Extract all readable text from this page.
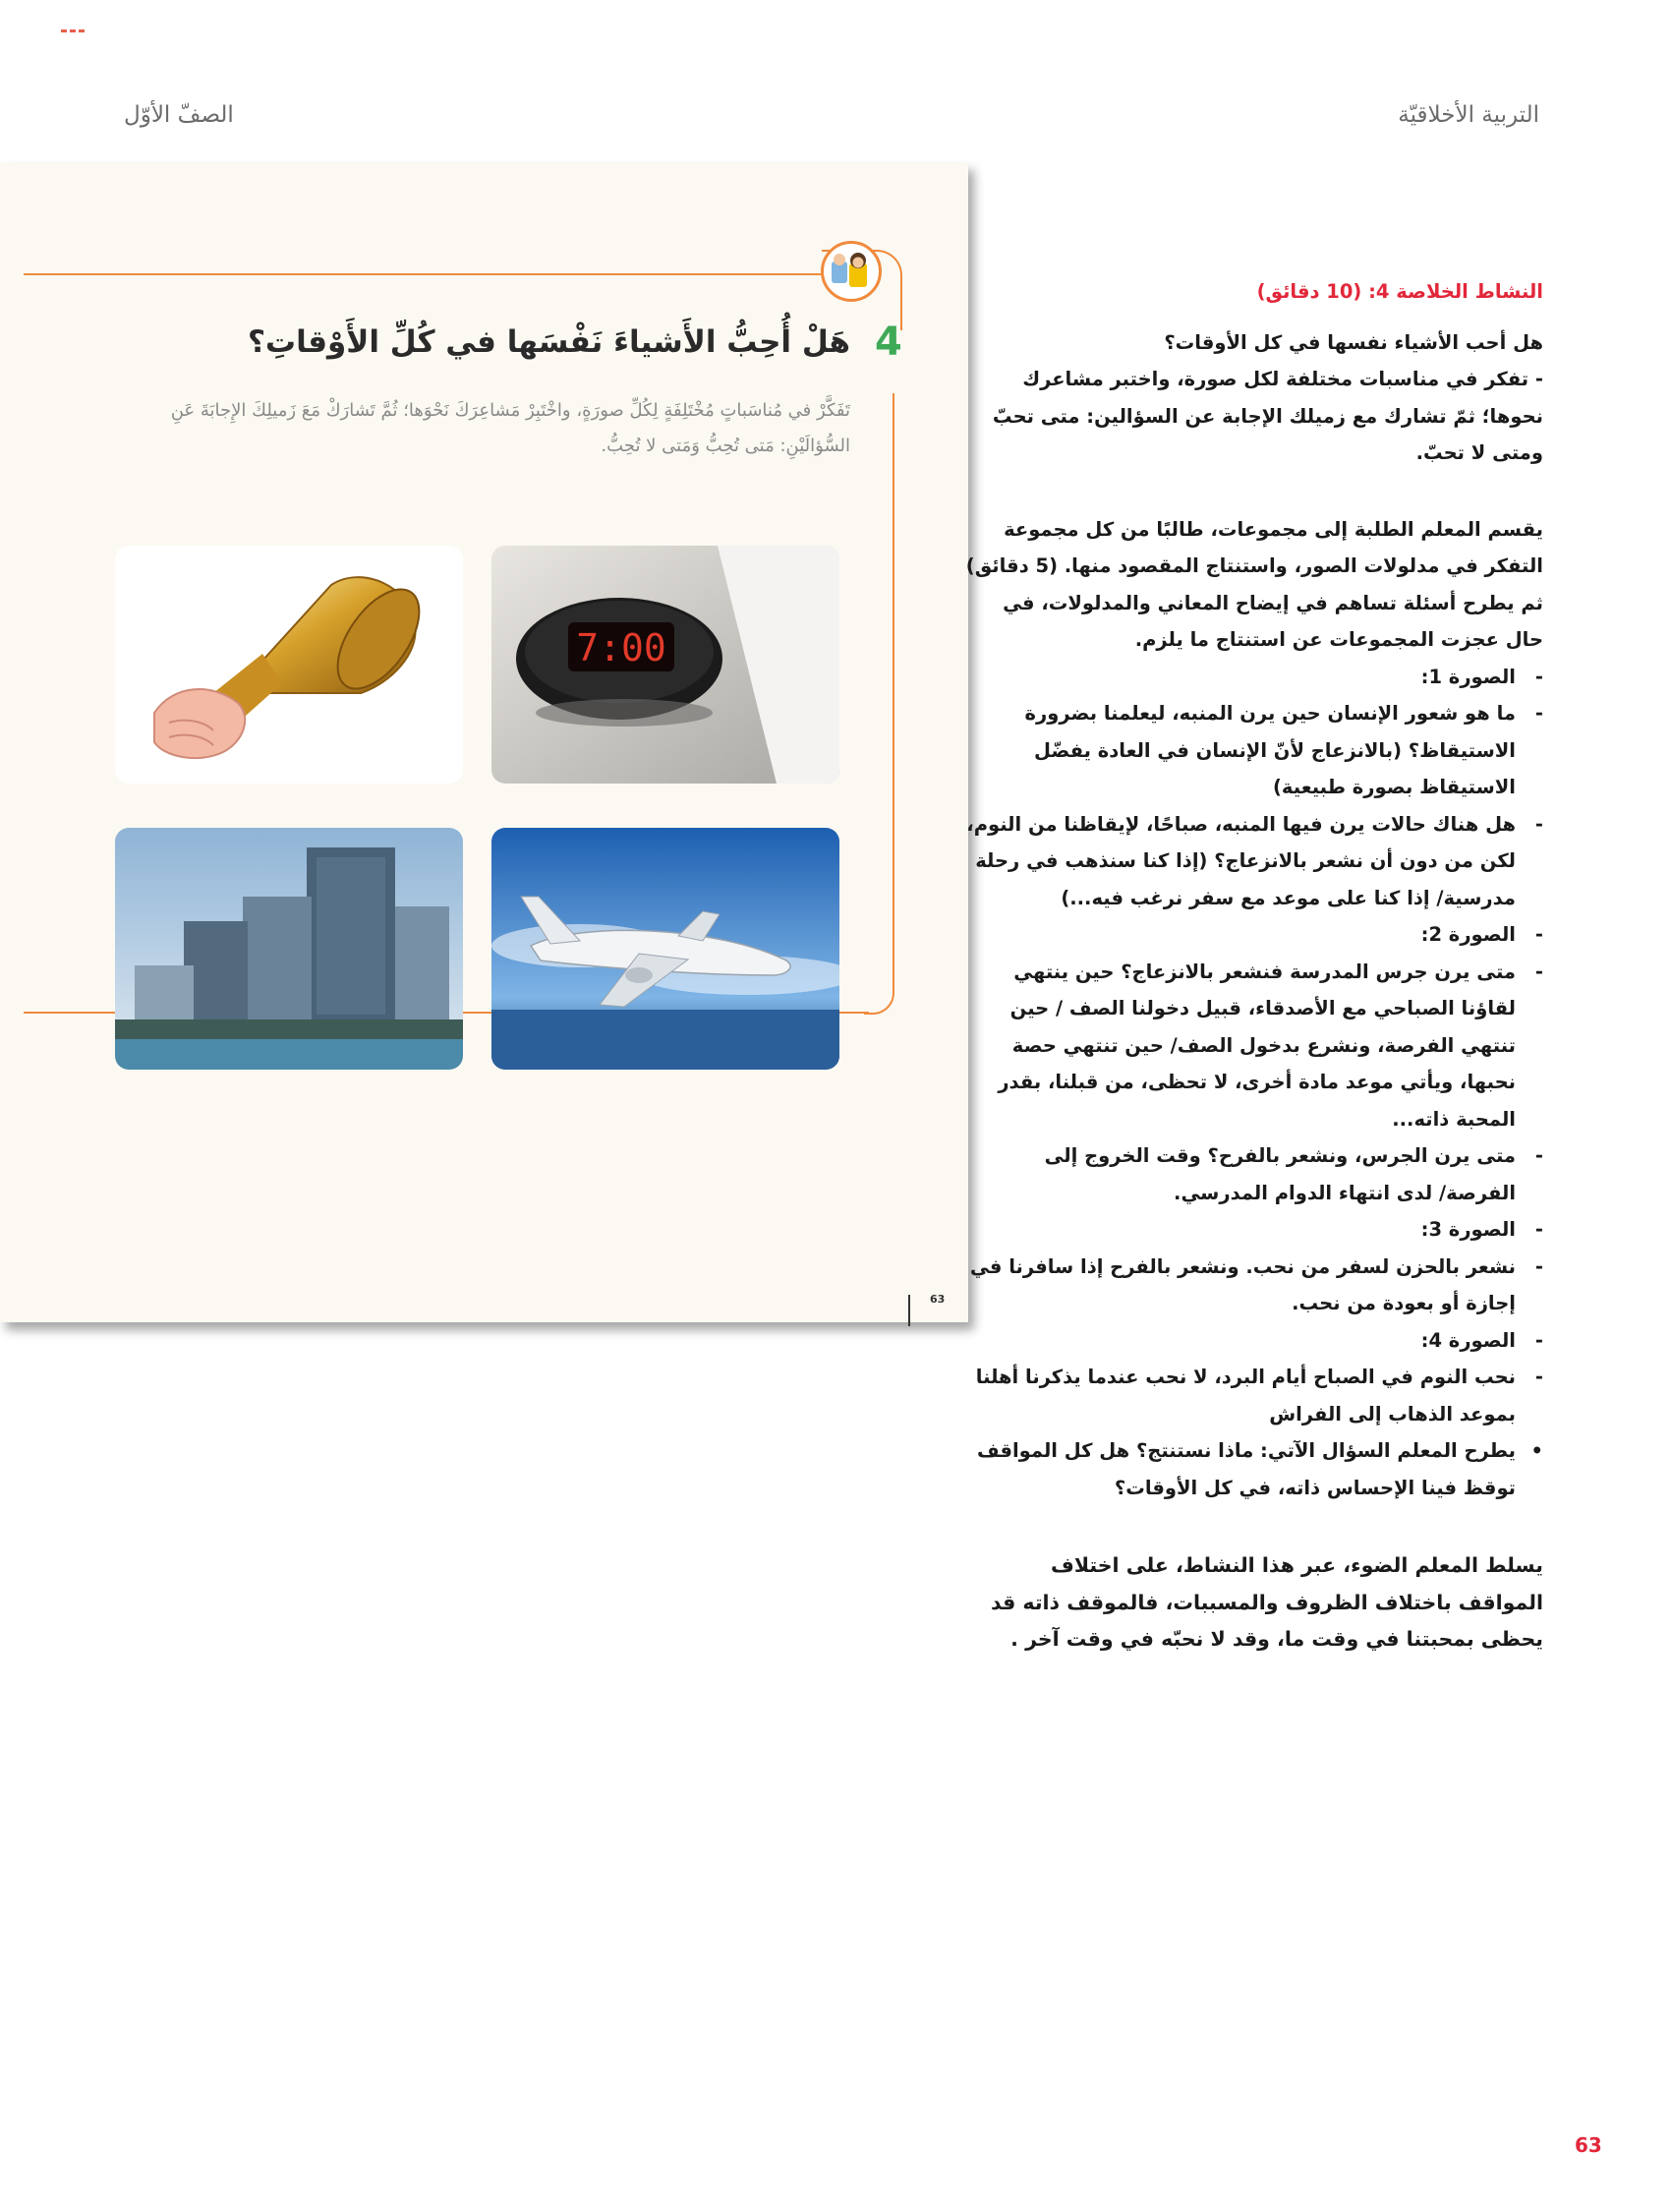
التربية الأخلاقيّة
الصفّ الأوّل
4
هَلْ أُحِبُّ الأَشياءَ نَفْسَها في كُلِّ الأَوْقاتِ؟
تَفَكَّرْ في مُناسَباتٍ مُخْتَلِفَةٍ لِكُلِّ صورَةٍ، واخْتَبِرْ مَشاعِرَكَ نَحْوَها؛ ثُمَّ تَشارَكْ مَعَ زَميلِكَ الإِجابَةَ عَنِ السُّؤالَيْنِ: مَتى تُحِبُّ وَمَتى لا تُحِبُّ.
7:00
63

النشاط الخلاصة 4: (10 دقائق)

هل أحب الأشياء نفسها في كل الأوقات؟

- تفكر في مناسبات مختلفة لكل صورة، واختبر مشاعرك نحوها؛ ثمّ تشارك مع زميلك الإجابة عن السؤالين: متى تحبّ ومتى لا تحبّ.

يقسم المعلم الطلبة إلى مجموعات، طالبًا من كل مجموعة التفكر في مدلولات الصور، واستنتاج المقصود منها. (5 دقائق)

ثم يطرح أسئلة تساهم في إيضاح المعاني والمدلولات، في حال عجزت المجموعات عن استنتاج ما يلزم.

-
الصورة 1:
-
ما هو شعور الإنسان حين يرن المنبه، ليعلمنا بضرورة الاستيقاظ؟ (بالانزعاج لأنّ الإنسان في العادة يفضّل الاستيقاظ بصورة طبيعية)
-
هل هناك حالات يرن فيها المنبه، صباحًا، لإيقاظنا من النوم، لكن من دون أن نشعر بالانزعاج؟ (إذا كنا سنذهب في رحلة مدرسية/ إذا كنا على موعد مع سفر نرغب فيه...)
-
الصورة 2:
-
متى يرن جرس المدرسة فنشعر بالانزعاج؟ حين ينتهي لقاؤنا الصباحي مع الأصدقاء، قبيل دخولنا الصف / حين تنتهي الفرصة، ونشرع بدخول الصف/ حين تنتهي حصة نحبها، ويأتي موعد مادة أخرى، لا تحظى، من قبلنا، بقدر المحبة ذاته...
-
متى يرن الجرس، ونشعر بالفرح؟ وقت الخروج إلى الفرصة/ لدى انتهاء الدوام المدرسي.
-
الصورة 3:
-
نشعر بالحزن لسفر من نحب. ونشعر بالفرح إذا سافرنا في إجازة أو بعودة من نحب.
-
الصورة 4:
-
نحب النوم في الصباح أيام البرد، لا نحب عندما يذكرنا أهلنا بموعد الذهاب إلى الفراش
•
يطرح المعلم السؤال الآتي: ماذا نستنتج؟ هل كل المواقف توقظ فينا الإحساس ذاته، في كل الأوقات؟

يسلط المعلم الضوء، عبر هذا النشاط، على اختلاف المواقف باختلاف الظروف والمسببات، فالموقف ذاته قد يحظى بمحبتنا في وقت ما، وقد لا نحبّه في وقت آخر .

63
